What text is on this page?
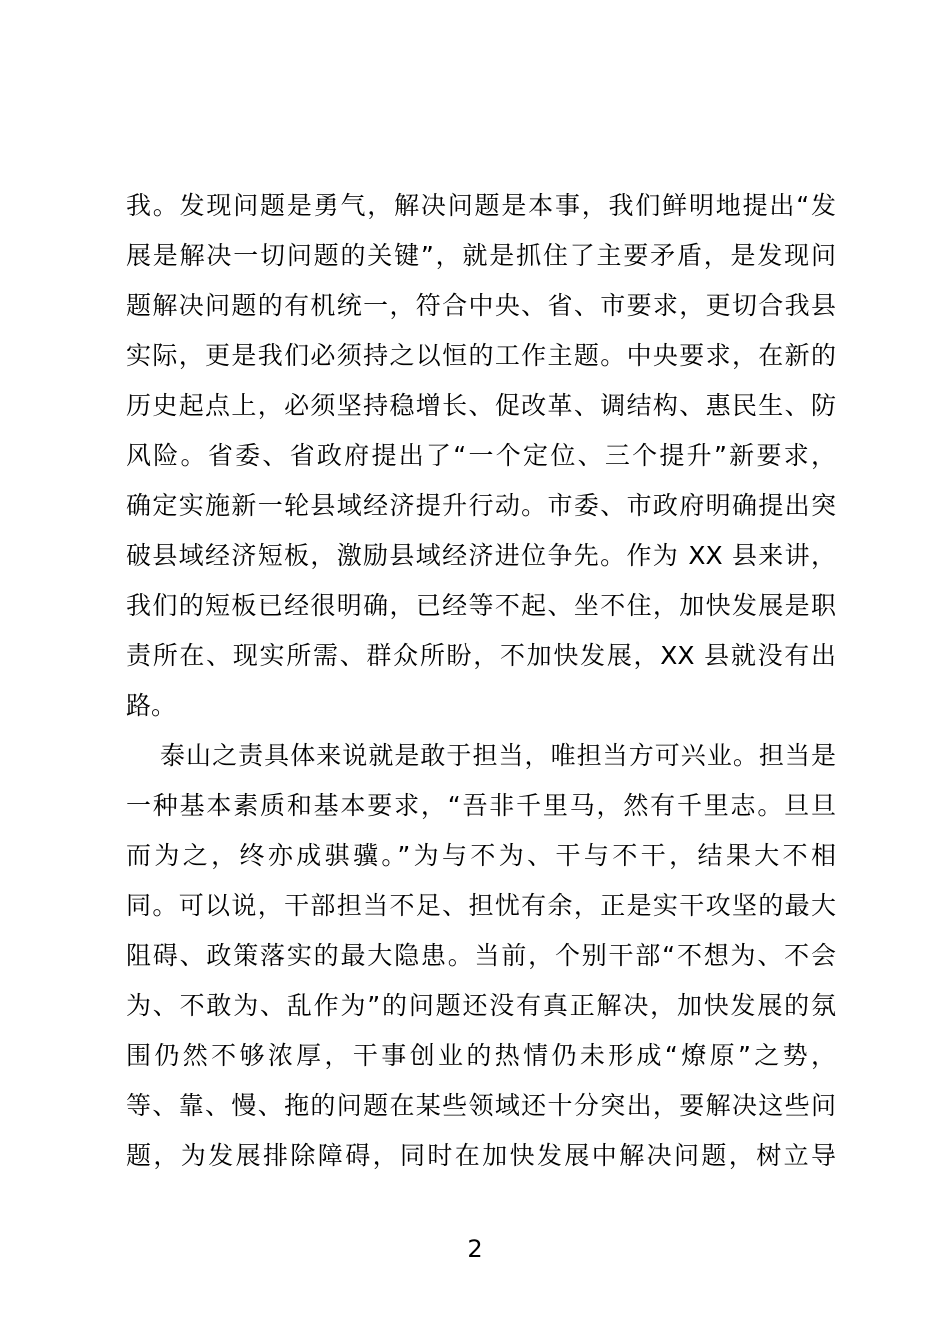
我。发现问题是勇气，解决问题是本事，我们鲜明地提出“发
展是解决一切问题的关键”，就是抓住了主要矛盾，是发现问
题解决问题的有机统一，符合中央、省、市要求，更切合我县
实际，更是我们必须持之以恒的工作主题。中央要求，在新的
历史起点上，必须坚持稳增长、促改革、调结构、惠民生、防
风险。省委、省政府提出了“一个定位、三个提升”新要求，
确定实施新一轮县域经济提升行动。市委、市政府明确提出突
破县域经济短板，激励县域经济进位争先。作为 XX 县来讲，
我们的短板已经很明确，已经等不起、坐不住，加快发展是职
责所在、现实所需、群众所盼，不加快发展，XX 县就没有出
路。
泰山之责具体来说就是敢于担当，唯担当方可兴业。担当是
一种基本素质和基本要求，“吾非千里马，然有千里志。旦旦
而为之，终亦成骐骥。”为与不为、干与不干，结果大不相
同。可以说，干部担当不足、担忧有余，正是实干攻坚的最大
阻碍、政策落实的最大隐患。当前，个别干部“不想为、不会
为、不敢为、乱作为”的问题还没有真正解决，加快发展的氛
围仍然不够浓厚，干事创业的热情仍未形成“燎原”之势，
等、靠、慢、拖的问题在某些领域还十分突出，要解决这些问
题，为发展排除障碍，同时在加快发展中解决问题，树立导
2
